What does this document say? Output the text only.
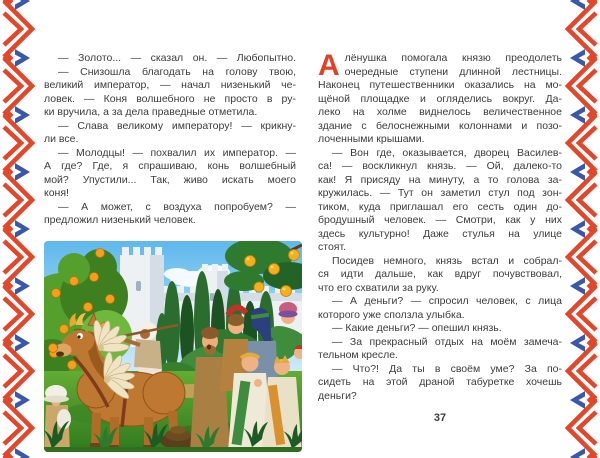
— Золото... — сказал он. — Любопытно.
— Снизошла благодать на голову твою,
великий император, — начал низенький че-
ловек. — Коня волшебного не просто в ру-
ки вручила, а за дела праведные отметила.
— Слава великому императору! — крикну-
ли все.
— Молодцы! — похвалил их император. —
А где? Где, я спрашиваю, конь волшебный
мой? Упустили... Так, живо искать моего
коня!
— А может, с воздуха попробуем? —
предложил низенький человек.
А лёнушка помогала князю преодолеть
очередные ступени длинной лестницы.
Наконец путешественники оказались на мо-
щёной площадке и огляделись вокруг. Да-
леко на холме виднелось величественное
здание с белоснежными колоннами и позо-
лоченными крышами.
— Вон где, оказывается, дворец Василев-
са! — воскликнул князь. — Ой, далеко-то
как! Я присяду на минуту, а то голова за-
кружилась. — Тут он заметил стул под зон-
тиком, куда приглашал его сесть один до-
бродушный человек. — Смотри, как у них
здесь культурно! Даже стулья на улице
стоят.
Посидев немного, князь встал и собрал-
ся идти дальше, как вдруг почувствовал,
что его схватили за руку.
— А деньги? — спросил человек, с лица
которого уже сползла улыбка.
— Какие деньги? — опешил князь.
— За прекрасный отдых на моём замеча-
тельном кресле.
— Что?! Да ты в своём уме? За по-
сидеть на этой драной табуретке хочешь
деньги?
37
